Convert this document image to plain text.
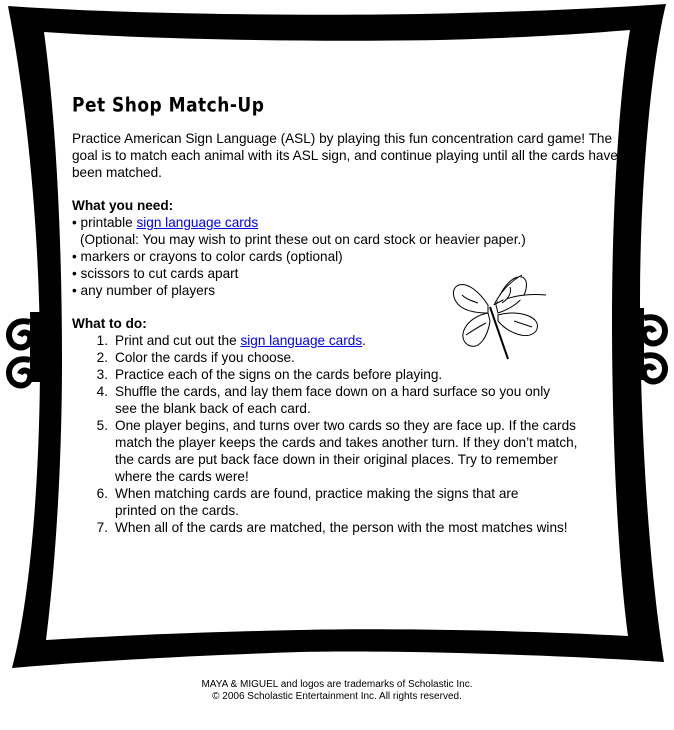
Pet Shop Match-Up

Practice American Sign Language (ASL) by playing this fun concentration card game! The goal is to match each animal with its ASL sign, and continue playing until all the cards have been matched.

What you need:
• printable sign language cards
(Optional: You may wish to print these out on card stock or heavier paper.)
• markers or crayons to color cards (optional)
• scissors to cut cards apart
• any number of players
What to do:
1. Print and cut out the sign language cards.
2. Color the cards if you choose.
3. Practice each of the signs on the cards before playing.
4. Shuffle the cards, and lay them face down on a hard surface so you only see the blank back of each card.
5. One player begins, and turns over two cards so they are face up. If the cards match the player keeps the cards and takes another turn. If they don’t match, the cards are put back face down in their original places. Try to remember where the cards were!
6. When matching cards are found, practice making the signs that are printed on the cards.
7. When all of the cards are matched, the person with the most matches wins!
MAYA & MIGUEL and logos are trademarks of Scholastic Inc.
© 2006 Scholastic Entertainment Inc. All rights reserved.
